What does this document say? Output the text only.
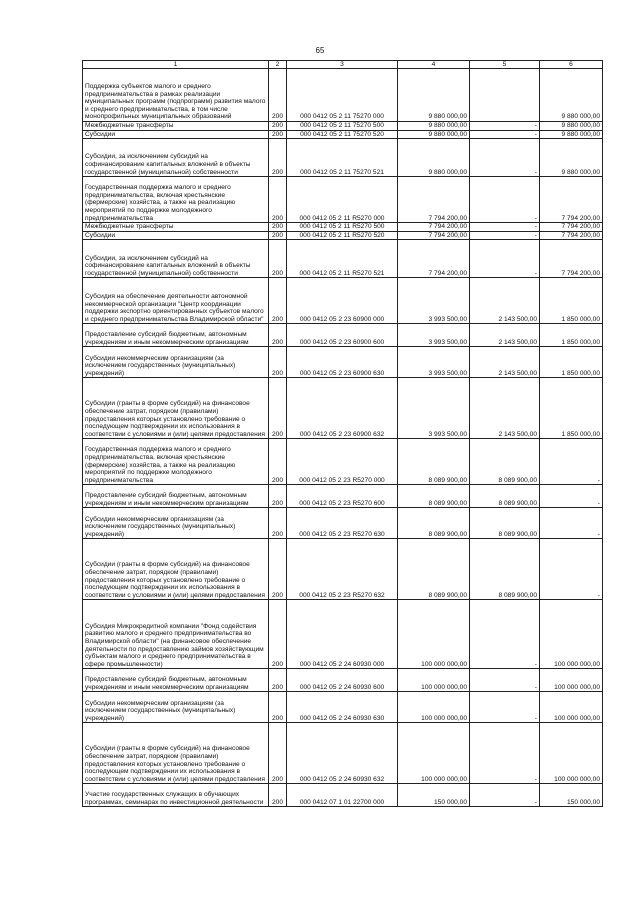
65
1	2	3	4	5	6
Поддержка субъектов малого и среднего предпринимательства в рамках реализации муниципальных программ (подпрограмм) развития малого и среднего предпринимательства, в том числе монопрофильных муниципальных образований	200	000 0412 05 2 11 75270 000	9 880 000,00		9 880 000,00
Межбюджетные трансферты	200	000 0412 05 2 11 75270 500	9 880 000,00	-	9 880 000,00
Субсидии	200	000 0412 05 2 11 75270 520	9 880 000,00	-	9 880 000,00
Субсидии, за исключением субсидий на софинансирование капитальных вложений в объекты государственной (муниципальной) собственности	200	000 0412 05 2 11 75270 521	9 880 000,00	-	9 880 000,00
Государственная поддержка малого и среднего предпринимательства, включая крестьянские (фермерские) хозяйства, а также на реализацию мероприятий по поддержке молодежного предпринимательства	200	000 0412 05 2 11 R5270 000	7 794 200,00	-	7 794 200,00
Межбюджетные трансферты	200	000 0412 05 2 11 R5270 500	7 794 200,00	-	7 794 200,00
Субсидии	200	000 0412 05 2 11 R5270 520	7 794 200,00	-	7 794 200,00
Субсидии, за исключением субсидий на софинансирование капитальных вложений в объекты государственной (муниципальной) собственности	200	000 0412 05 2 11 R5270 521	7 794 200,00	-	7 794 200,00
Субсидия на обеспечение деятельности автономной некоммерческой организации "Центр координации поддержки экспортно ориентированных субъектов малого и среднего предпринимательства Владимирской области"	200	000 0412 05 2 23 60900 000	3 993 500,00	2 143 500,00	1 850 000,00
Предоставление субсидий бюджетным, автономным учреждениям и иным некоммерческим организациям	200	000 0412 05 2 23 60900 600	3 993 500,00	2 143 500,00	1 850 000,00
Субсидии некоммерческим организациям (за исключением государственных (муниципальных) учреждений)	200	000 0412 05 2 23 60900 630	3 993 500,00	2 143 500,00	1 850 000,00
Субсидии (гранты в форме субсидий) на финансовое обеспечение затрат, порядком (правилами) предоставления которых установлено требование о последующем подтверждении их использования в соответствии с условиями и (или) целями предоставления	200	000 0412 05 2 23 60900 632	3 993 500,00	2 143 500,00	1 850 000,00
Государственная поддержка малого и среднего предпринимательства, включая крестьянские (фермерские) хозяйства, а также на реализацию мероприятий по поддержке молодежного предпринимательства	200	000 0412 05 2 23 R5270 000	8 089 900,00	8 089 900,00	-
Предоставление субсидий бюджетным, автономным учреждениям и иным некоммерческим организациям	200	000 0412 05 2 23 R5270 600	8 089 900,00	8 089 900,00	-
Субсидии некоммерческим организациям (за исключением государственных (муниципальных) учреждений)	200	000 0412 05 2 23 R5270 630	8 089 900,00	8 089 900,00	-
Субсидии (гранты в форме субсидий) на финансовое обеспечение затрат, порядком (правилами) предоставления которых установлено требование о последующем подтверждении их использования в соответствии с условиями и (или) целями предоставления	200	000 0412 05 2 23 R5270 632	8 089 900,00	8 089 900,00	-
Субсидия Микрокредитной компании "Фонд содействия развитию малого и среднего предпринимательства во Владимирской области" (на финансовое обеспечение деятельности по предоставлению займов хозяйствующим субъектам малого и среднего предпринимательства в сфере промышленности)	200	000 0412 05 2 24 60930 000	100 000 000,00	-	100 000 000,00
Предоставление субсидий бюджетным, автономным учреждениям и иным некоммерческим организациям	200	000 0412 05 2 24 60930 600	100 000 000,00	-	100 000 000,00
Субсидии некоммерческим организациям (за исключением государственных (муниципальных) учреждений)	200	000 0412 05 2 24 60930 630	100 000 000,00	-	100 000 000,00
Субсидии (гранты в форме субсидий) на финансовое обеспечение затрат, порядком (правилами) предоставления которых установлено требование о последующем подтверждении их использования в соответствии с условиями и (или) целями предоставления	200	000 0412 05 2 24 60930 632	100 000 000,00	-	100 000 000,00
Участие государственных служащих в обучающих программах, семинарах по инвестиционной деятельности	200	000 0412 07 1 01 22700 000	150 000,00	-	150 000,00
